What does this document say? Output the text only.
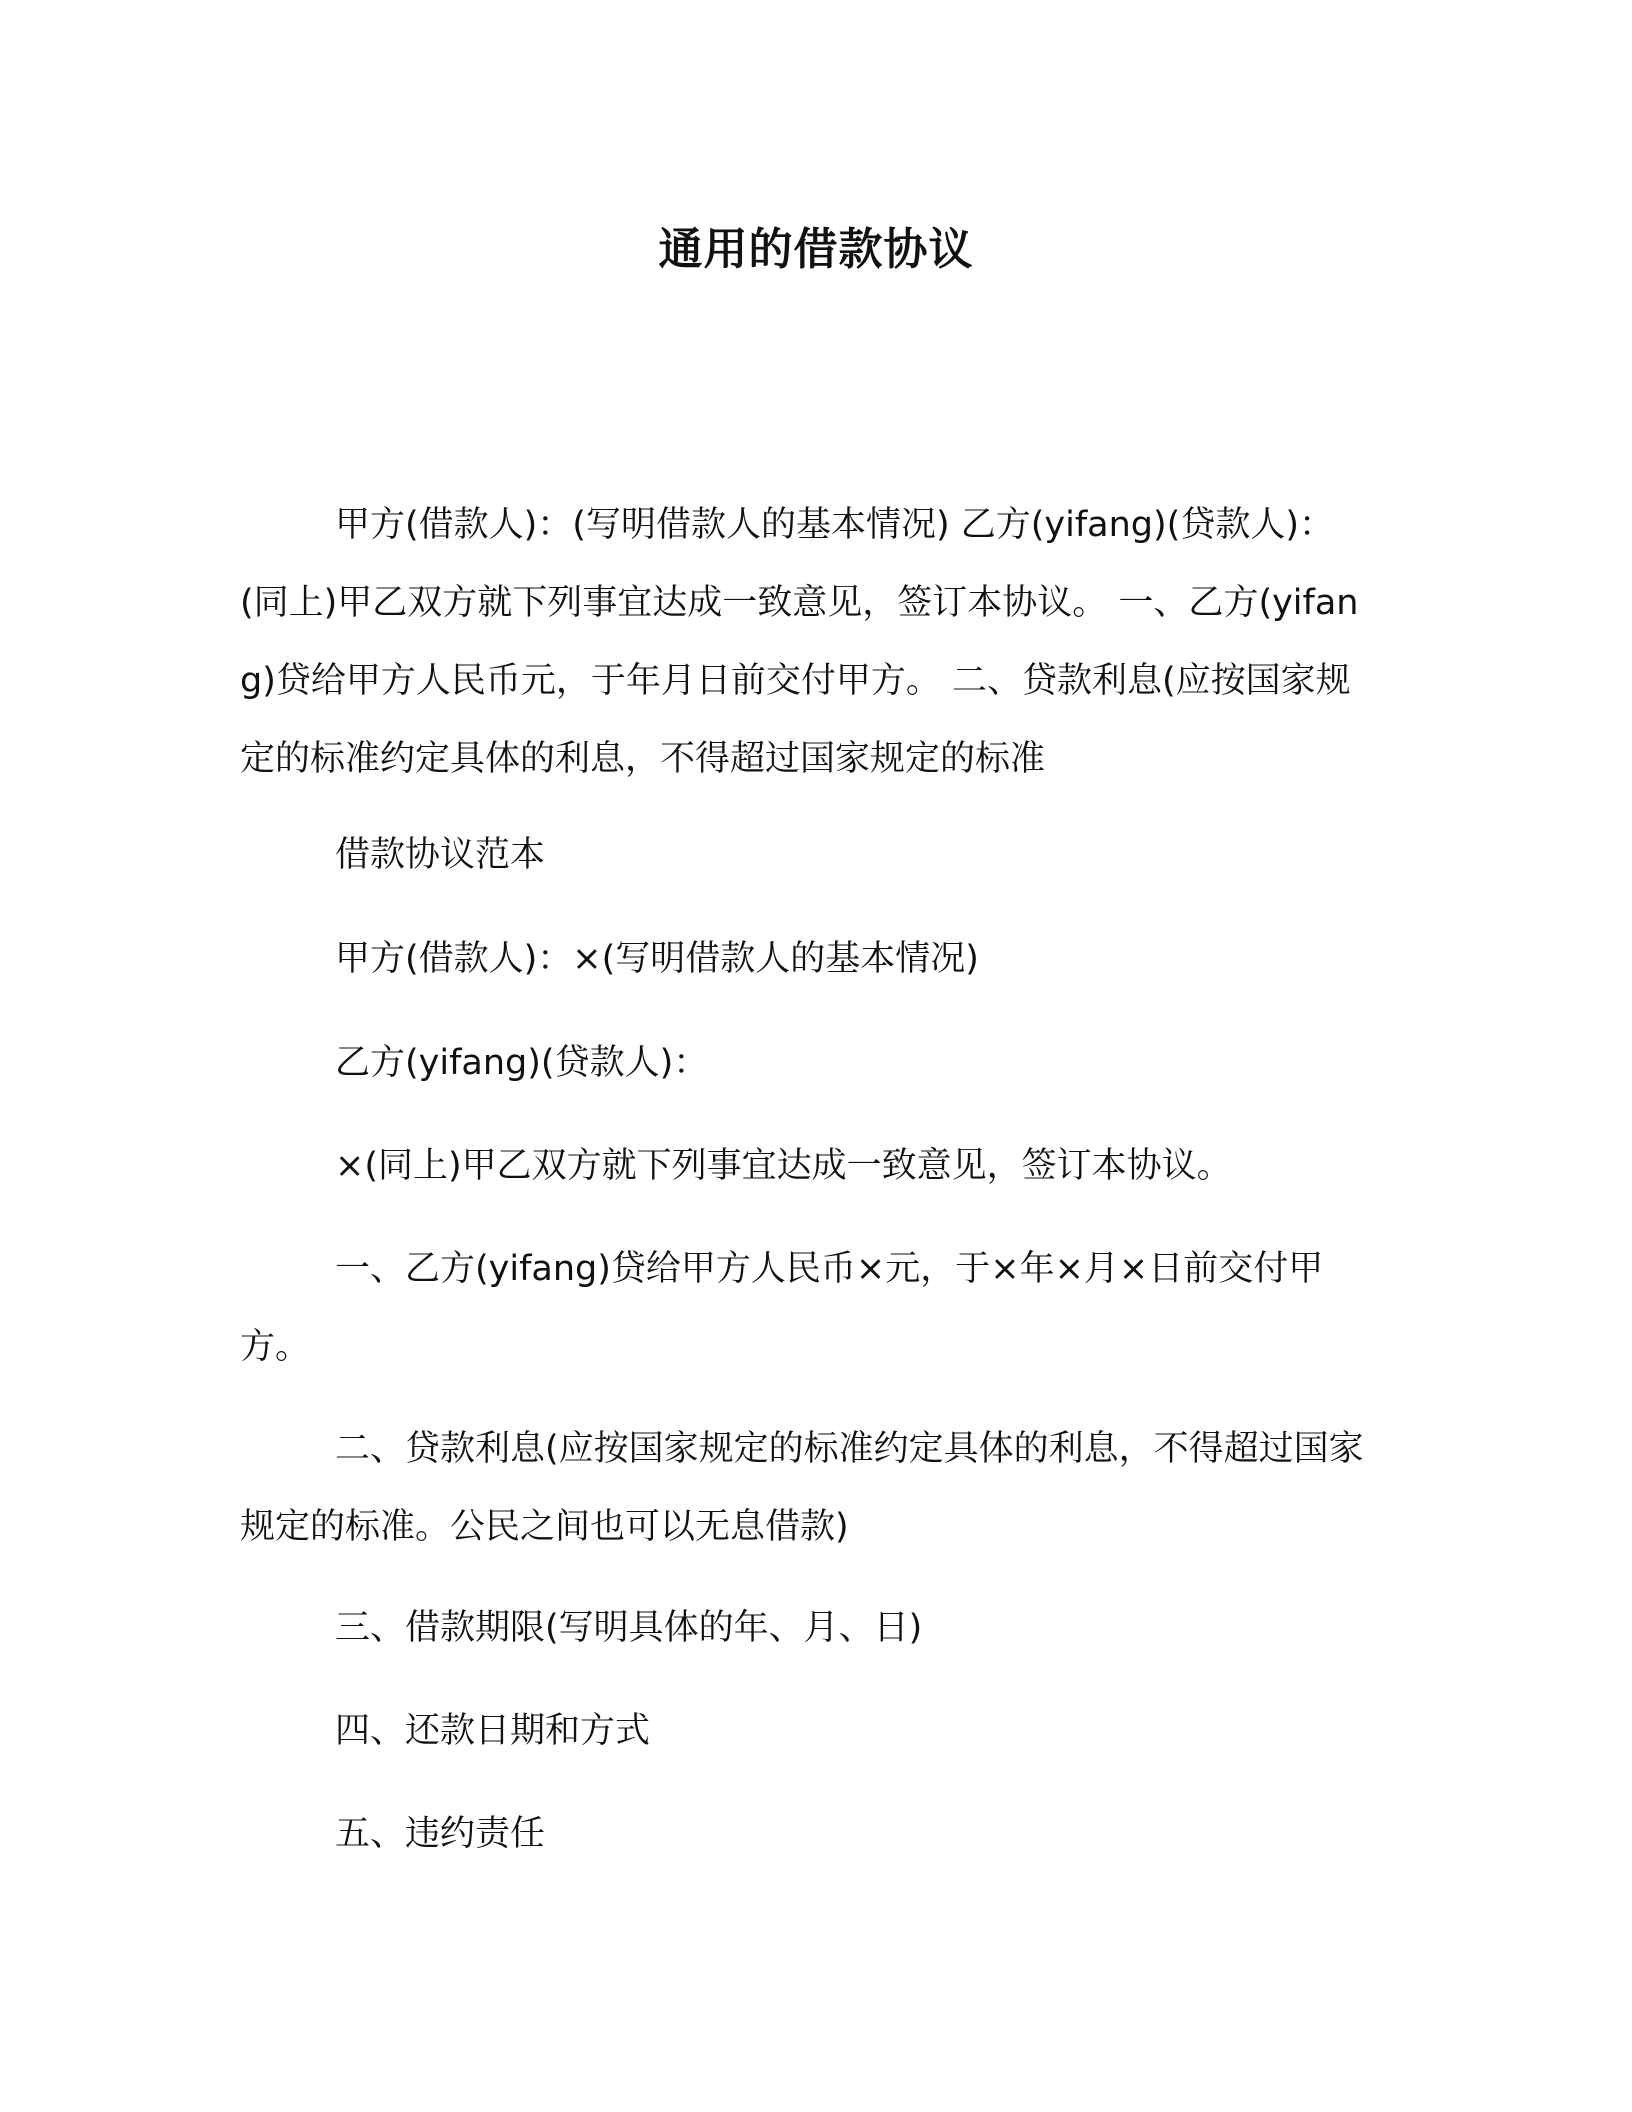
通用的借款协议

甲方(借款人)：(写明借款人的基本情况) 乙方(yifang)(贷款人)：(同上)甲乙双方就下列事宜达成一致意见，签订本协议。 一、乙方(yifang)贷给甲方人民币元，于年月日前交付甲方。 二、贷款利息(应按国家规定的标准约定具体的利息，不得超过国家规定的标准

借款协议范本

甲方(借款人)：×(写明借款人的基本情况)

乙方(yifang)(贷款人)：

×(同上)甲乙双方就下列事宜达成一致意见，签订本协议。

一、乙方(yifang)贷给甲方人民币×元，于×年×月×日前交付甲方。

二、贷款利息(应按国家规定的标准约定具体的利息，不得超过国家规定的标准。公民之间也可以无息借款)

三、借款期限(写明具体的年、月、日)

四、还款日期和方式

五、违约责任
